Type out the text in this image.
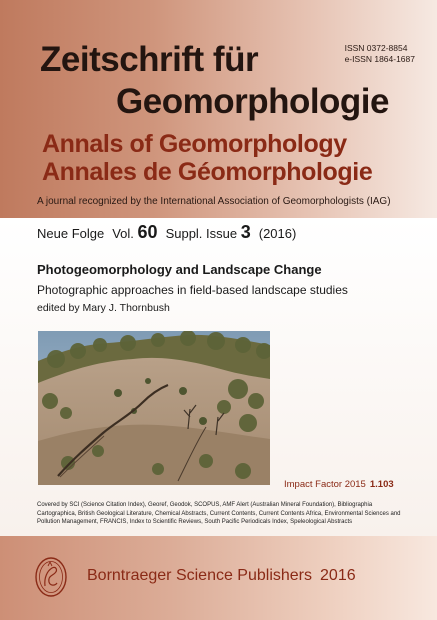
ISSN 0372-8854
e-ISSN 1864-1687
Zeitschrift für
Geomorphologie
Annals of Geomorphology
Annales de Géomorphologie

A journal recognized by the International Association of Geomorphologists (IAG)

Neue Folge Vol. 60 Suppl. Issue 3 (2016)

Photogeomorphology and Landscape Change

Photographic approaches in field-based landscape studies

edited by Mary J. Thornbush

Impact Factor 2015 1.103

Covered by SCI (Science Citation Index), Georef, Geodok, SCOPUS, AMF Alert (Australian Mineral Foundation), Bibliographia Cartographica, British Geological Literature, Chemical Abstracts, Current Contents, Current Contents Africa, Environmental Sciences and Pollution Management, FRANCIS, Index to Scientific Reviews, South Pacific Periodicals Index, Speleological Abstracts

Borntraeger Science Publishers 2016
